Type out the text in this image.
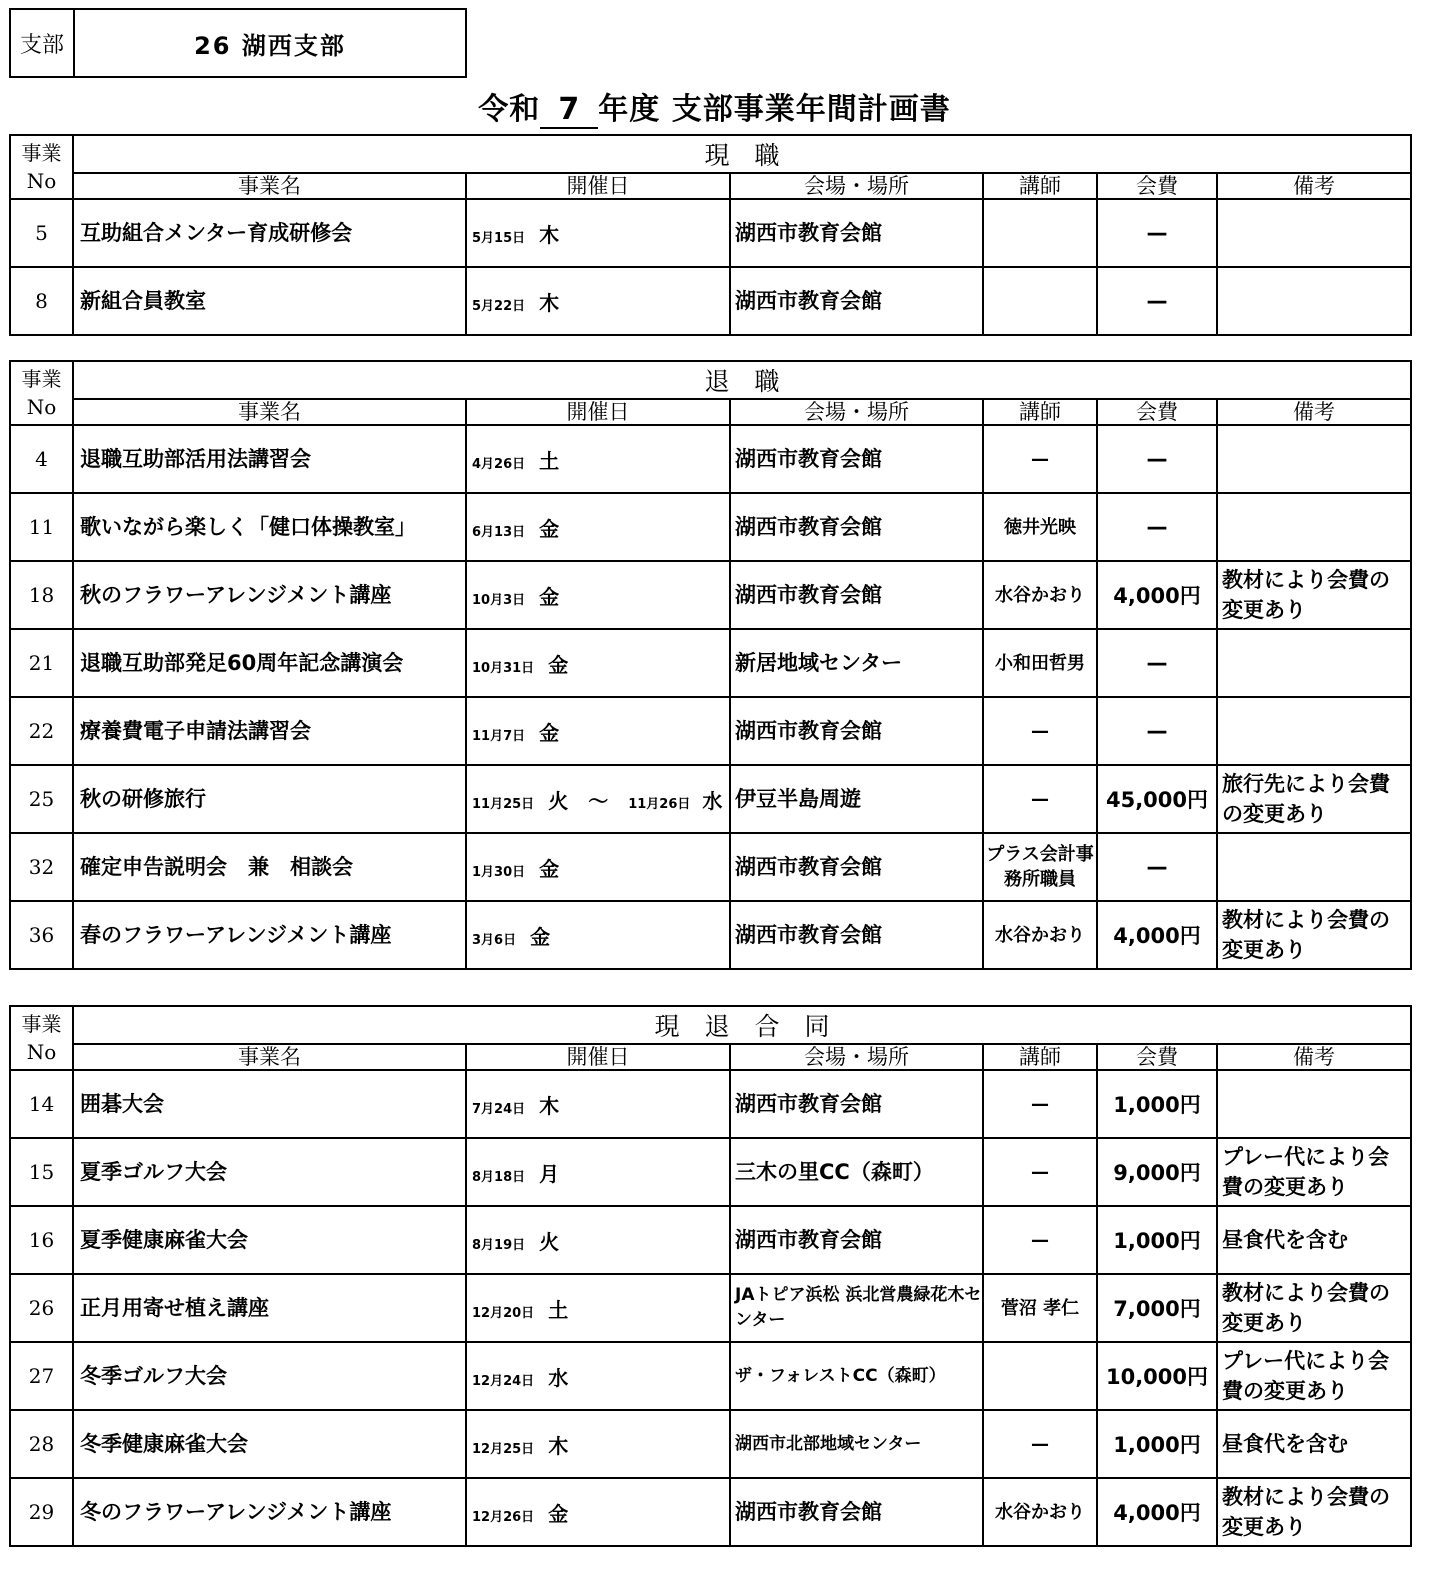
支部	26 湖西支部
令和 7 年度 支部事業年間計画書
事業
No	現　職					
	事業名	開催日	会場・場所	講師	会費	備考
5	互助組合メンター育成研修会	5月15日 木	湖西市教育会館		—	
8	新組合員教室	5月22日 木	湖西市教育会館		—	
事業
No	退　職					
	事業名	開催日	会場・場所	講師	会費	備考
4	退職互助部活用法講習会	4月26日 土	湖西市教育会館	—	—	
11	歌いながら楽しく「健口体操教室」	6月13日 金	湖西市教育会館	徳井光映	—	
18	秋のフラワーアレンジメント講座	10月3日 金	湖西市教育会館	水谷かおり	4,000円	教材により会費の変更あり
21	退職互助部発足60周年記念講演会	10月31日 金	新居地域センター	小和田哲男	—	
22	療養費電子申請法講習会	11月7日 金	湖西市教育会館	—	—	
25	秋の研修旅行	11月25日 火 ～ 11月26日 水	伊豆半島周遊	—	45,000円	旅行先により会費の変更あり
32	確定申告説明会　兼　相談会	1月30日 金	湖西市教育会館	プラス会計事務所職員	—	
36	春のフラワーアレンジメント講座	3月6日 金	湖西市教育会館	水谷かおり	4,000円	教材により会費の変更あり
事業
No	現　退　合　同					
	事業名	開催日	会場・場所	講師	会費	備考
14	囲碁大会	7月24日 木	湖西市教育会館	—	1,000円	
15	夏季ゴルフ大会	8月18日 月	三木の里CC（森町）	—	9,000円	プレー代により会費の変更あり
16	夏季健康麻雀大会	8月19日 火	湖西市教育会館	—	1,000円	昼食代を含む
26	正月用寄せ植え講座	12月20日 土	JAトピア浜松 浜北営農緑花木センター	菅沼 孝仁	7,000円	教材により会費の変更あり
27	冬季ゴルフ大会	12月24日 水	ザ・フォレストCC（森町）		10,000円	プレー代により会費の変更あり
28	冬季健康麻雀大会	12月25日 木	湖西市北部地域センター	—	1,000円	昼食代を含む
29	冬のフラワーアレンジメント講座	12月26日 金	湖西市教育会館	水谷かおり	4,000円	教材により会費の変更あり
